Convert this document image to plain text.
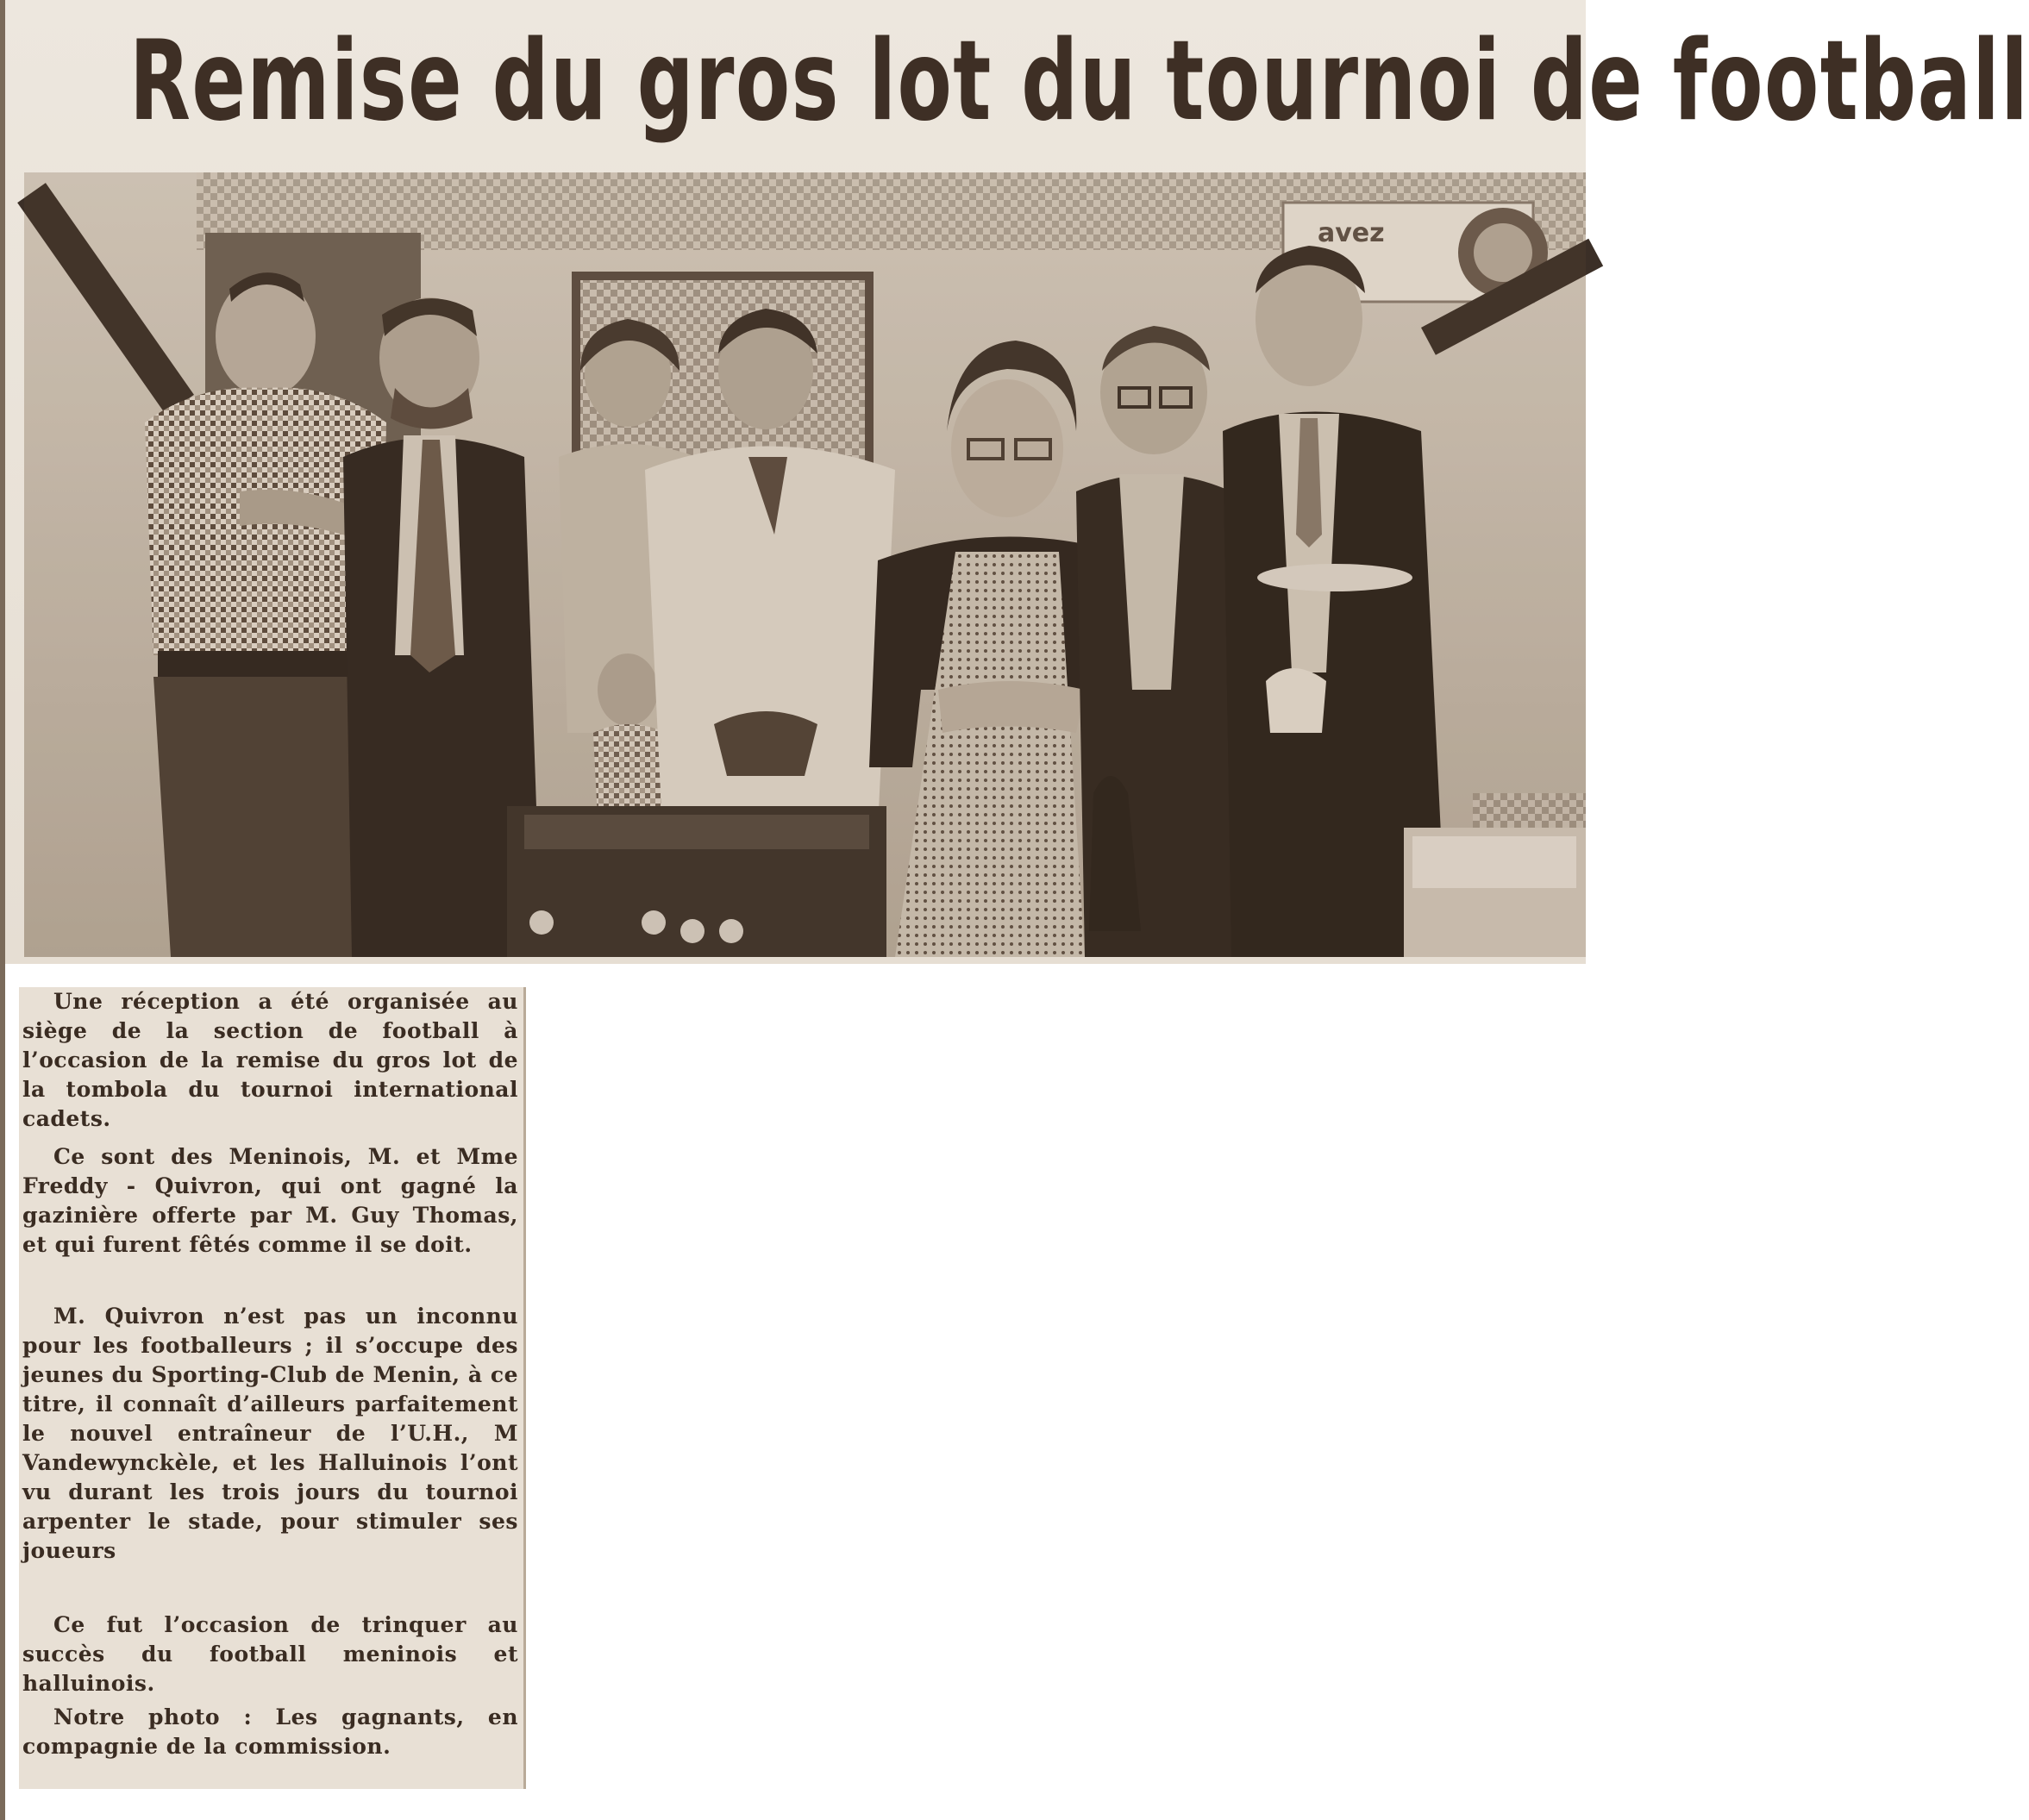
Remise du gros lot du tournoi de football
avez

Une réception a été organisée au siège de la section de football à l’occasion de la remise du gros lot de la tombola du tournoi international cadets.

Ce sont des Meninois, M. et Mme Freddy - Quivron, qui ont gagné la gazinière offerte par M. Guy Thomas, et qui furent fêtés comme il se doit.

M. Quivron n’est pas un inconnu pour les footballeurs ; il s’occupe des jeunes du Sporting-Club de Menin, à ce titre, il connaît d’ailleurs parfaitement le nouvel entraîneur de l’U.H., M Vandewynckèle, et les Halluinois l’ont vu durant les trois jours du tournoi arpenter le stade, pour stimuler ses joueurs

Ce fut l’occasion de trinquer au succès du football meninois et halluinois.

Notre photo : Les gagnants, en compagnie de la commission.
